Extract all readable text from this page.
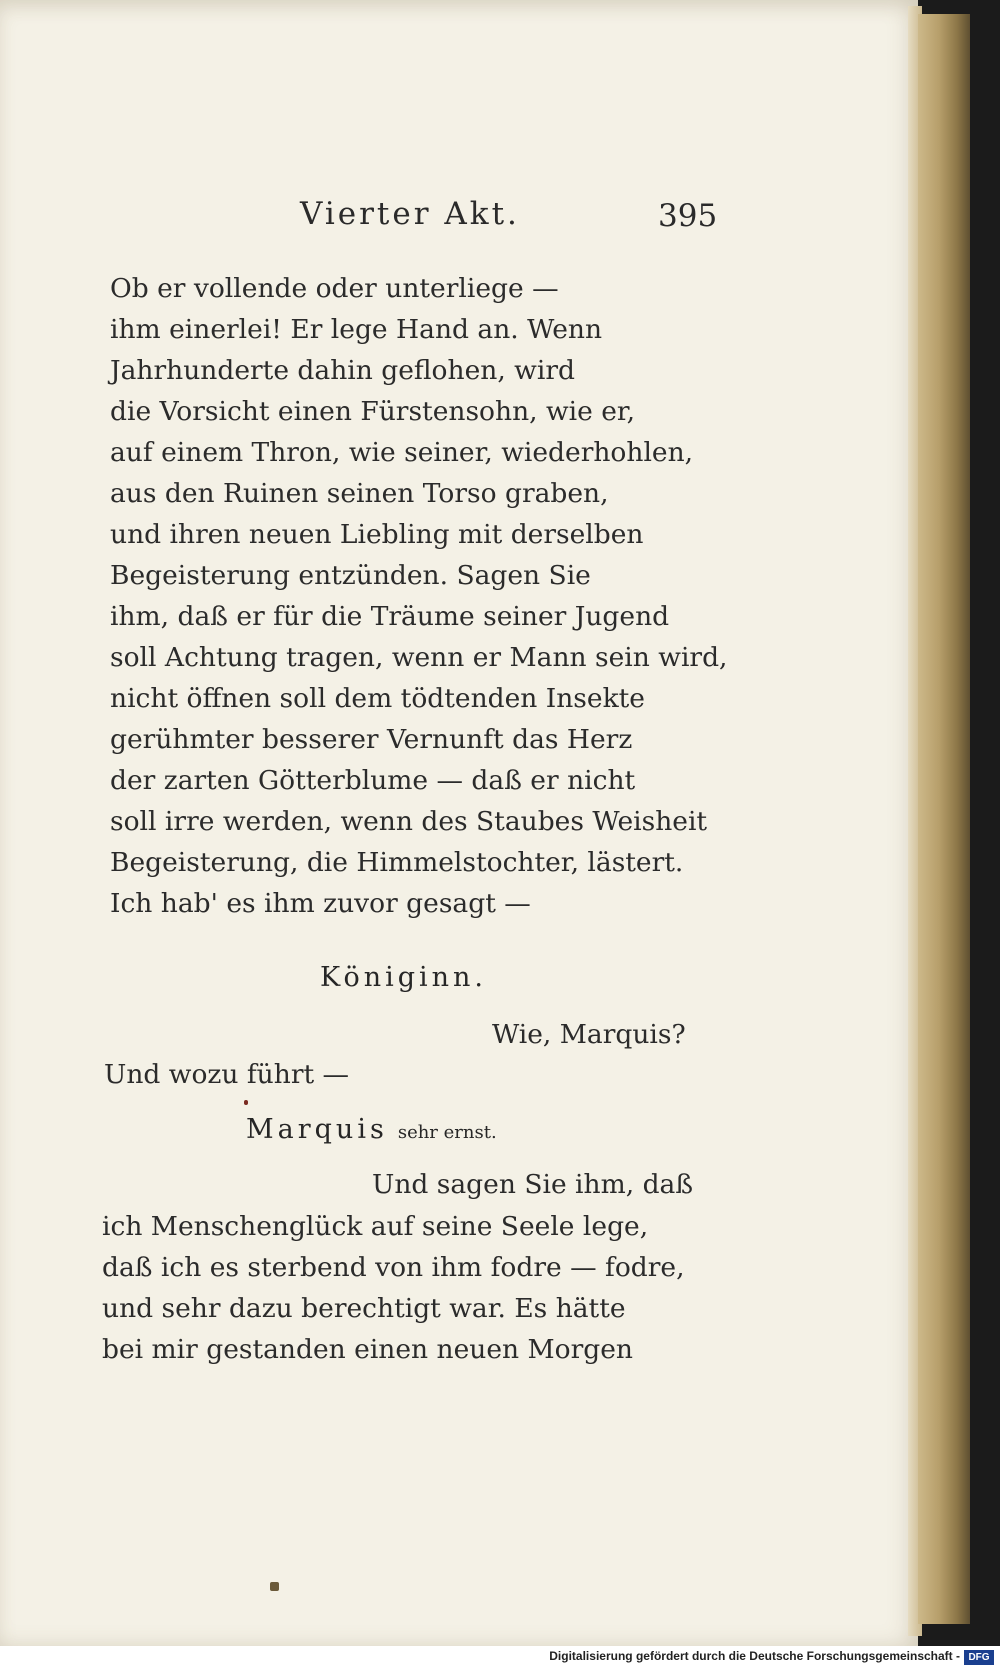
Vierter Akt.	395
Ob er vollende oder unterliege —
ihm einerlei! Er lege Hand an. Wenn
Jahrhunderte dahin geflohen, wird
die Vorsicht einen Fürstensohn, wie er,
auf einem Thron, wie seiner, wiederhohlen,
aus den Ruinen seinen Torso graben,
und ihren neuen Liebling mit derselben
Begeisterung entzünden. Sagen Sie
ihm, daß er für die Träume seiner Jugend
soll Achtung tragen, wenn er Mann sein wird,
nicht öffnen soll dem tödtenden Insekte
gerühmter besserer Vernunft das Herz
der zarten Götterblume — daß er nicht
soll irre werden, wenn des Staubes Weisheit
Begeisterung, die Himmelstochter, lästert.
Ich hab' es ihm zuvor gesagt —
Königinn.
Wie, Marquis?
Und wozu führt —
Marquis sehr ernst.
Und sagen Sie ihm, daß
ich Menschenglück auf seine Seele lege,
daß ich es sterbend von ihm fodre — fodre,
und sehr dazu berechtigt war. Es hätte
bei mir gestanden einen neuen Morgen
Digitalisierung gefördert durch die Deutsche Forschungsgemeinschaft - DFG
